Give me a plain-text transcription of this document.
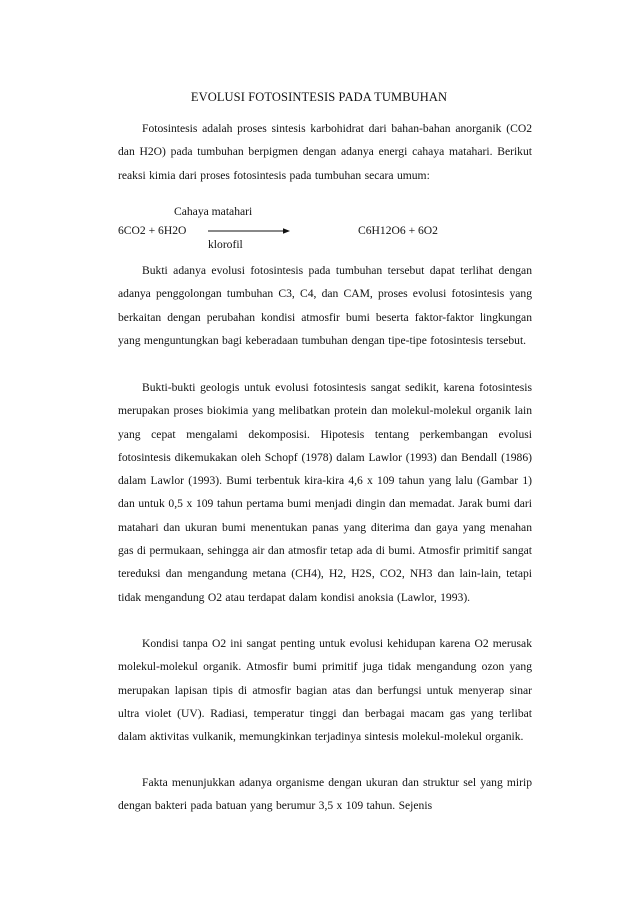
EVOLUSI FOTOSINTESIS PADA TUMBUHAN

Fotosintesis adalah proses sintesis karbohidrat dari bahan-bahan anorganik (CO2 dan H2O) pada tumbuhan berpigmen dengan adanya energi cahaya matahari. Berikut reaksi kimia dari proses fotosintesis pada tumbuhan secara umum:

Cahaya matahari
6CO2 + 6H2O	C6H12O6 + 6O2
klorofil

Bukti adanya evolusi fotosintesis pada tumbuhan tersebut dapat terlihat dengan adanya penggolongan tumbuhan C3, C4, dan CAM, proses evolusi fotosintesis yang berkaitan dengan perubahan kondisi atmosfir bumi beserta faktor-faktor lingkungan yang menguntungkan bagi keberadaan tumbuhan dengan tipe-tipe fotosintesis tersebut.

Bukti-bukti geologis untuk evolusi fotosintesis sangat sedikit, karena fotosintesis merupakan proses biokimia yang melibatkan protein dan molekul-molekul organik lain yang cepat mengalami dekomposisi. Hipotesis tentang perkembangan evolusi fotosintesis dikemukakan oleh Schopf (1978) dalam Lawlor (1993) dan Bendall (1986) dalam Lawlor (1993). Bumi terbentuk kira-kira 4,6 x 109 tahun yang lalu (Gambar 1) dan untuk 0,5 x 109 tahun pertama bumi menjadi dingin dan memadat. Jarak bumi dari matahari dan ukuran bumi menentukan panas yang diterima dan gaya yang menahan gas di permukaan, sehingga air dan atmosfir tetap ada di bumi. Atmosfir primitif sangat tereduksi dan mengandung metana (CH4), H2, H2S, CO2, NH3 dan lain-lain, tetapi tidak mengandung O2 atau terdapat dalam kondisi anoksia (Lawlor, 1993).

Kondisi tanpa O2 ini sangat penting untuk evolusi kehidupan karena O2 merusak molekul-molekul organik. Atmosfir bumi primitif juga tidak mengandung ozon yang merupakan lapisan tipis di atmosfir bagian atas dan berfungsi untuk menyerap sinar ultra violet (UV). Radiasi, temperatur tinggi dan berbagai macam gas yang terlibat dalam aktivitas vulkanik, memungkinkan terjadinya sintesis molekul-molekul organik.

Fakta menunjukkan adanya organisme dengan ukuran dan struktur sel yang mirip dengan bakteri pada batuan yang berumur 3,5 x 109 tahun. Sejenis
